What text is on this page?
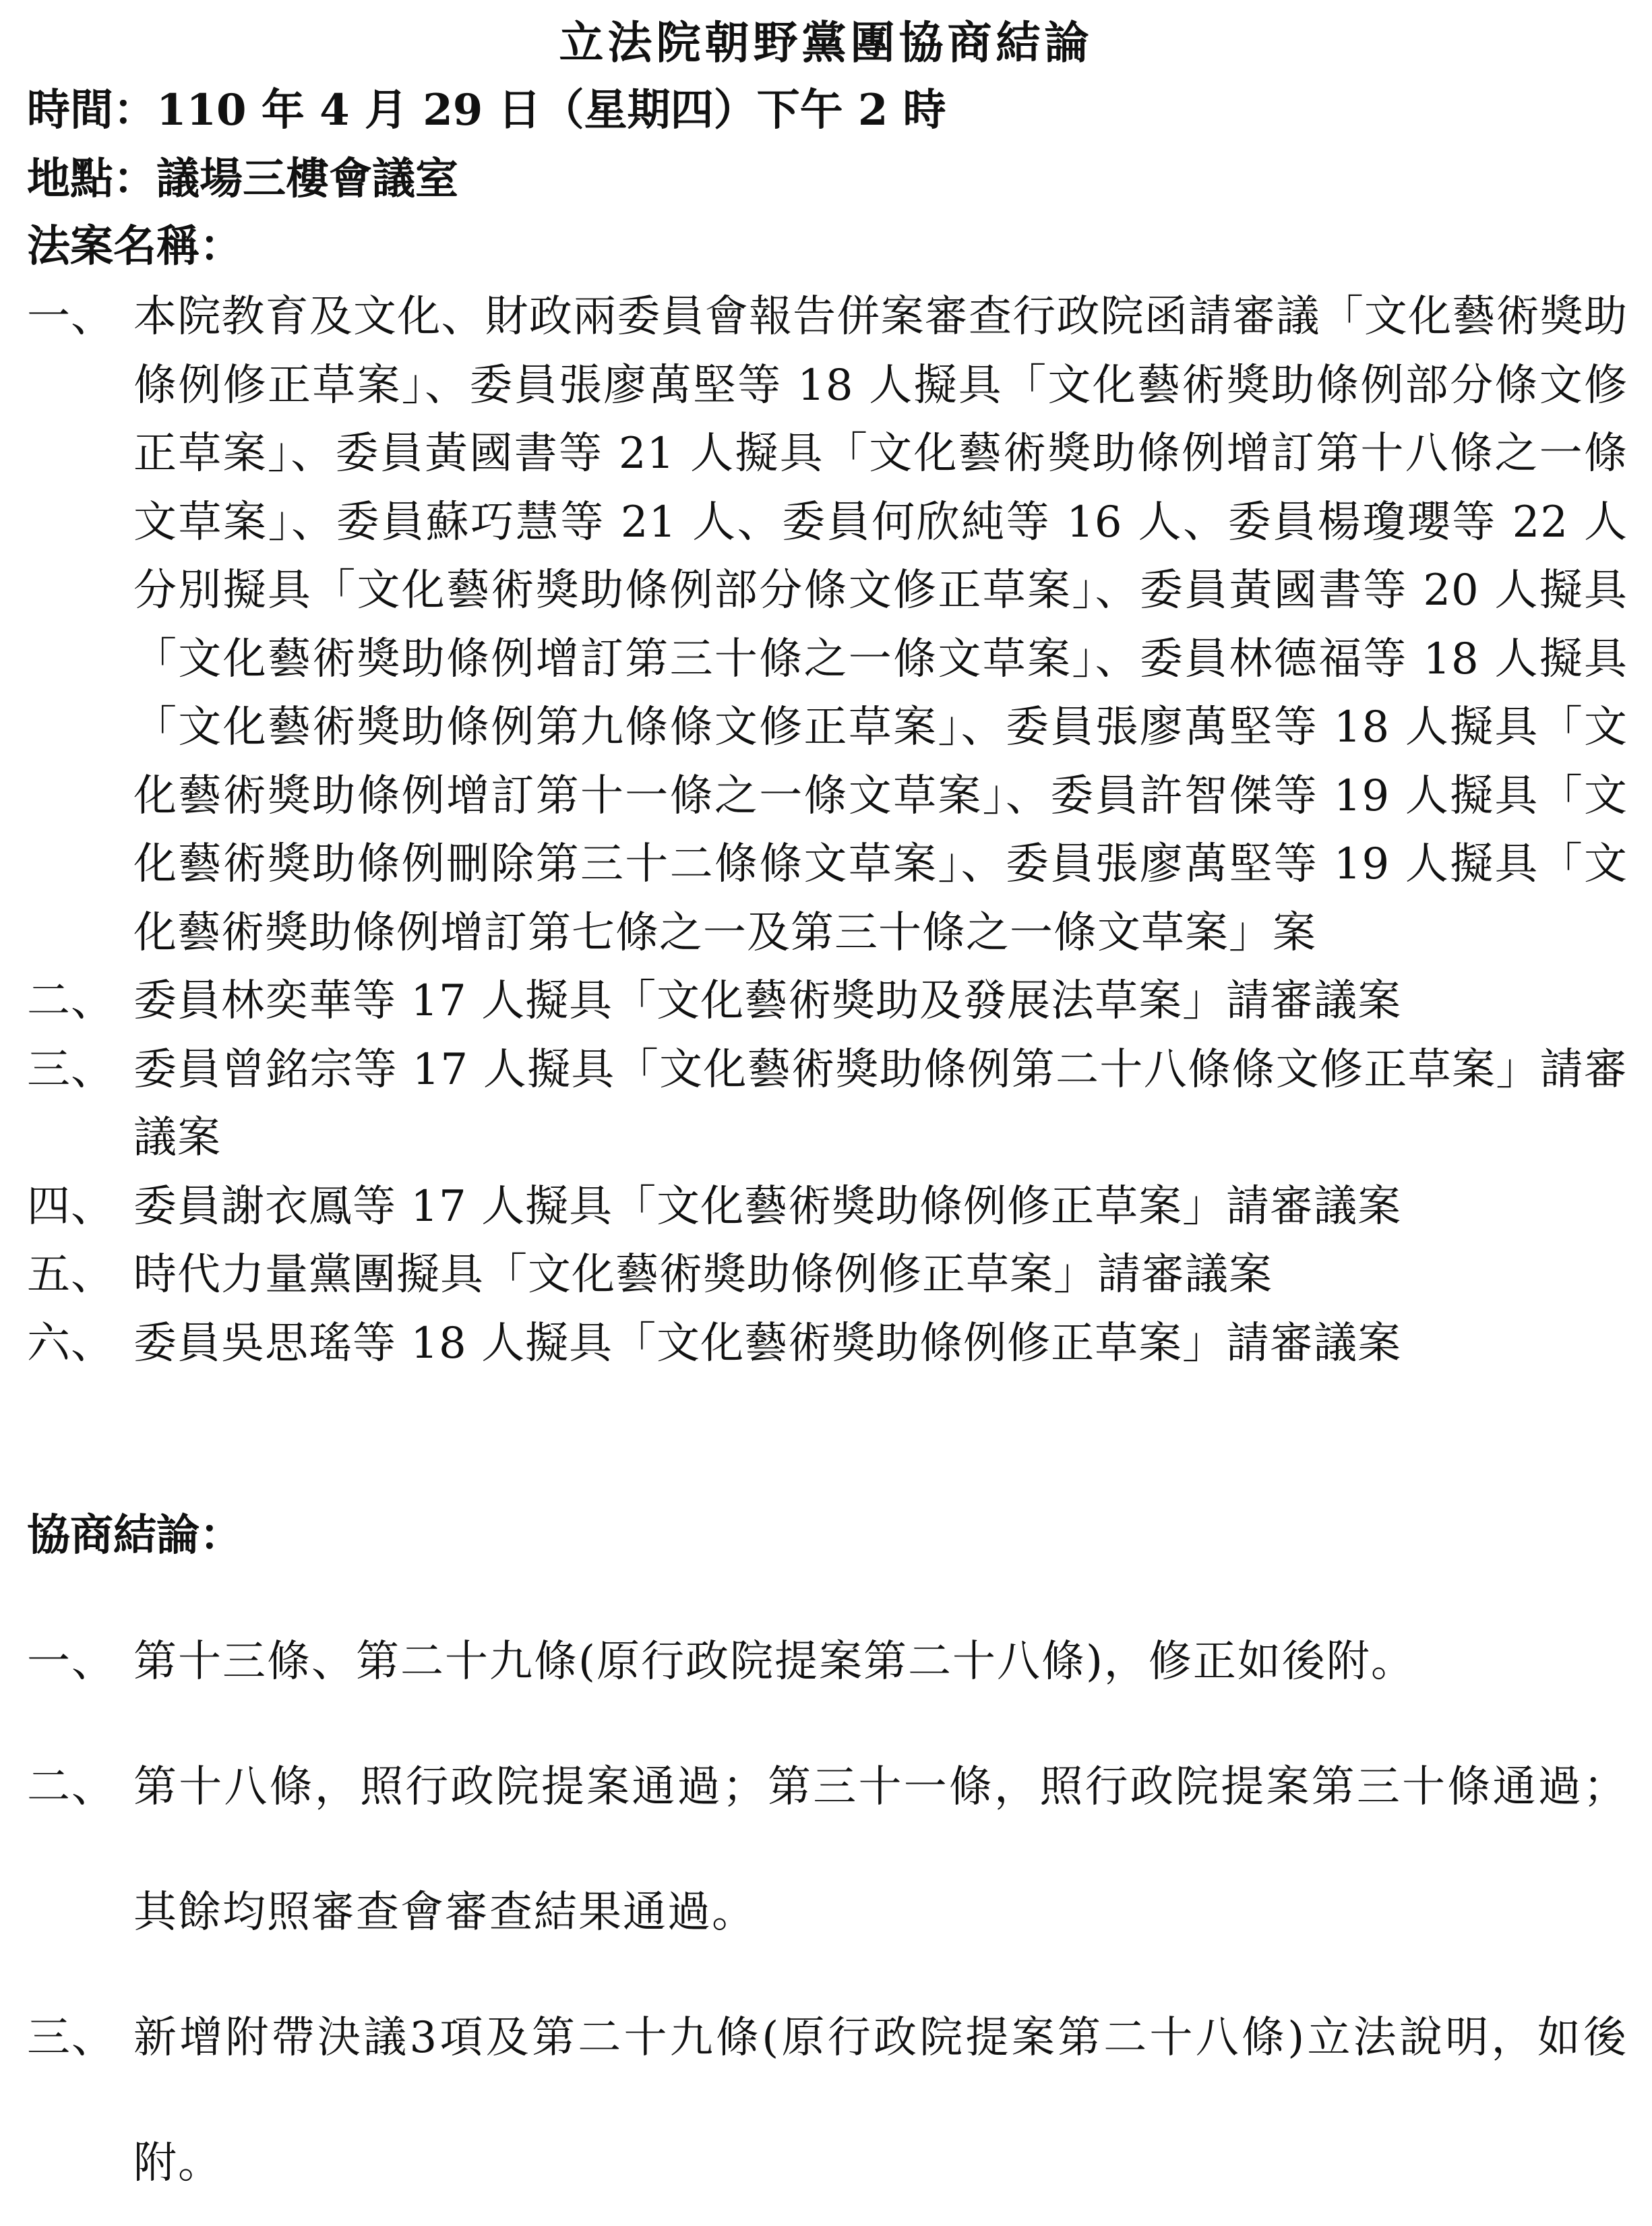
立法院朝野黨團協商結論
時間：110 年 4 月 29 日（星期四）下午 2 時
地點：議場三樓會議室
法案名稱：
一、 本院教育及文化、財政兩委員會報告併案審查行政院函請審議「文化藝術獎助條例修正草案」、委員張廖萬堅等 18 人擬具「文化藝術獎助條例部分條文修正草案」、委員黃國書等 21 人擬具「文化藝術獎助條例增訂第十八條之一條文草案」、委員蘇巧慧等 21 人、委員何欣純等 16 人、委員楊瓊瓔等 22 人分別擬具「文化藝術獎助條例部分條文修正草案」、委員黃國書等 20 人擬具「文化藝術獎助條例增訂第三十條之一條文草案」、委員林德福等 18 人擬具「文化藝術獎助條例第九條條文修正草案」、委員張廖萬堅等 18 人擬具「文化藝術獎助條例增訂第十一條之一條文草案」、委員許智傑等 19 人擬具「文化藝術獎助條例刪除第三十二條條文草案」、委員張廖萬堅等 19 人擬具「文化藝術獎助條例增訂第七條之一及第三十條之一條文草案」案
二、 委員林奕華等 17 人擬具「文化藝術獎助及發展法草案」請審議案
三、 委員曾銘宗等 17 人擬具「文化藝術獎助條例第二十八條條文修正草案」請審議案
四、 委員謝衣鳳等 17 人擬具「文化藝術獎助條例修正草案」請審議案
五、 時代力量黨團擬具「文化藝術獎助條例修正草案」請審議案
六、 委員吳思瑤等 18 人擬具「文化藝術獎助條例修正草案」請審議案
協商結論：
一、 第十三條、第二十九條(原行政院提案第二十八條)，修正如後附。
二、 第十八條，照行政院提案通過；第三十一條，照行政院提案第三十條通過；其餘均照審查會審查結果通過。
三、 新增附帶決議3項及第二十九條(原行政院提案第二十八條)立法說明，如後附。
